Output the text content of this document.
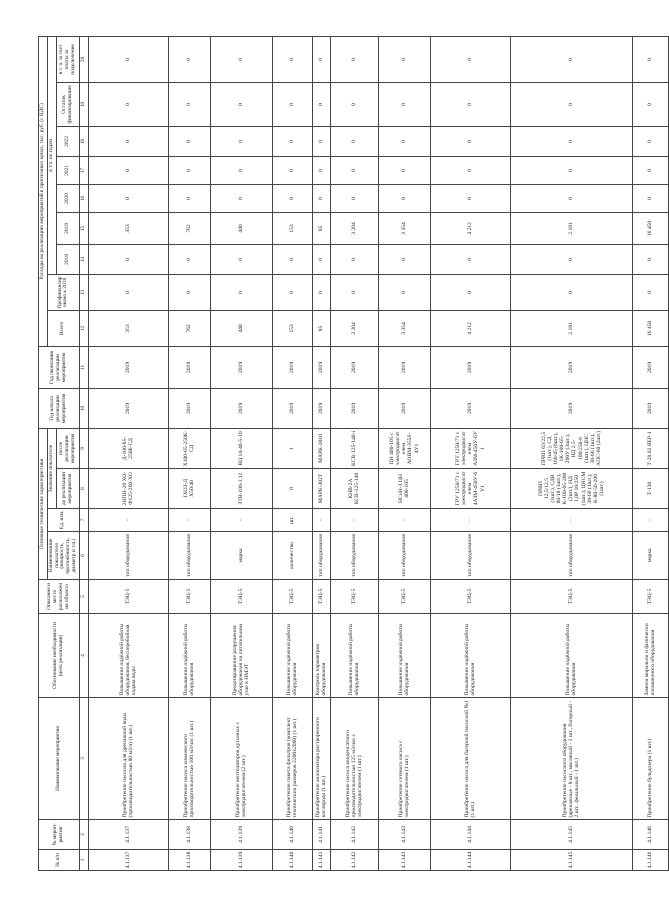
№ п/п	№ мероп-риятия	Наименование мероприятия	Обоснование необходимости (цель реализации)	Описание и место расположения объекта	Основные технические характеристики				Год начала реализации мероприятия	Год окончания реализации мероприятия	Расходы на реализацию мероприятий в прогнозных ценах, тыс. руб. (с НДС)								
					Наименование показателя (мощность, протяжённость, диаметр и т.п.)	Ед. изм.	Значение показателя				Всего	Профинансировано к 2018	в т.ч. по годам						
							до реализации мероприятия	после реализации мероприятия					2018	2019	2020	2021	2022	Остаток финансирования	в т. ч. за счет платы за подключение

1	2	3	4	5	6	7	8	9	10	11	12	13	14	15	16	17	18	19	20
4.1.137	4.1.137	Приобретение насосов для дренажной воды (производительностью 80 м3/ч) (1 шт.)	Повышение надёжной работы оборудования, бесперебойная подача воды	ТЭЦ-5	тип оборудования	-	2НПН-20 ХО-Ф125-260-ХО	Д-100-65-250Б-СД	2019	2019	353	0	0	353	0	0	0	0	0
4.1.138	4.1.138	Приобретение насоса химического производительностью 100 м3/час (1 шт.)	Повышение надёжной работы оборудования	ТЭЦ-5	тип оборудования	-	1ХОЗ-Д Х50/40	Х100-65-250К-СД	2019	2019	762	0	0	762	0	0	0	0	0
4.1.139	4.1.139	Приобретение вентиляторов дутьевых с электродвигателем (2 шт.)	Предотвращение разрушения оборудования на питательном узле в НМЭТ	ТЭЦ-5	марка	-	ЗТВ-100-1,12	ВЦ 14-46-5-10	2019	2019	440	0	0	440	0	0	0	0	0
4.1.140	4.1.140	Приобретение пакета фильтров (комплект технических размеров 2200x2000) (1 шт.)	Повышение надёжной работы оборудования	ТЭЦ-5	количество	шт.	0	1	2019	2019	153	0	0	153	0	0	0	0	0
4.1.141	4.1.141	Приобретение анализатора растворенного кислорода (1 шт.)	Контроль параметров оборудования	ТЭЦ-5	тип оборудования	-	МАРК-302Т	МАРК-3010	2019	2019	85	0	0	85	0	0	0	0	0
4.1.142	4.1.142	Приобретение насоса конденсатного производительностью 125 м3/час с электродвигателем (1 шт.)	Повышение надёжной работы оборудования	ТЭЦ-5	тип оборудования	-	КНВ-2А КСВ-125-140	КСВ-125-140-і	2019	2019	3 204	0	0	3 204	0	0	0	0	0
4.1.143	4.1.143	Приобретение сетевого насоса с электродвигателем (1 шт.)	Повышение надёжной работы оборудования	ТЭЦ-5	тип оборудования	-	НСнН-3 ЦН 400-105	ЦН 400-105 с электродвигателем АОВМ-355S-4У1	2019	2019	3 354	0	0	3 354	0	0	0	0	0
4.1.144	4.1.144	Приобретение насоса для багерной насосной №1 (1 шт.)	Повышение надёжной работы оборудования	ТЭЦ-5	тип оборудования	-	ГРУ 1250/71 с электродвигателем 4АЗМ-450У-6У1	ГРТ 1250/71 с электродвигателем АЗМ-450У-6У1	2019	2019	4 212	0	0	4 212	0	0	0	0	0
4.1.145	4.1.145	Приобретение насосного оборудования (дренажные - 8 шт., масляный - 1 шт., багерный - 2 шт., фекальный - 1 шт.)	Повышение надёжной работы оборудования	ТЭЦ-5	тип оборудования	-	ПРВП 12,5/12,5 (1шт.), СДВ 80/18 (1шт.), К-100-65-200 (2шт.), НД 1,0Р 10/250 (1шт.), ЦНСМ 38-66 (1шт.), К-80-50-200 (1шт.)	ПРВП 63/22,5 (1шт.), СД 160/45 (6шт.), 1К-100-65-200У (3шт.), НД 2,5-100/250-6 (1шт.), ЦНС 38-66 (1шт.), АПС-60 (2шт.)	2019	2019	2 181	0	0	2 181	0	0	0	0	0
4.1.146	4.1.146	Приобретение бульдозера (1 шт.)	Замена морально и физически изношенного оборудования	ТЭЦ-5	марка	-	Т-130	Т-20.02 ЯЕР-1	2019	2019	16 450	0	0	16 450	0	0	0	0	0
